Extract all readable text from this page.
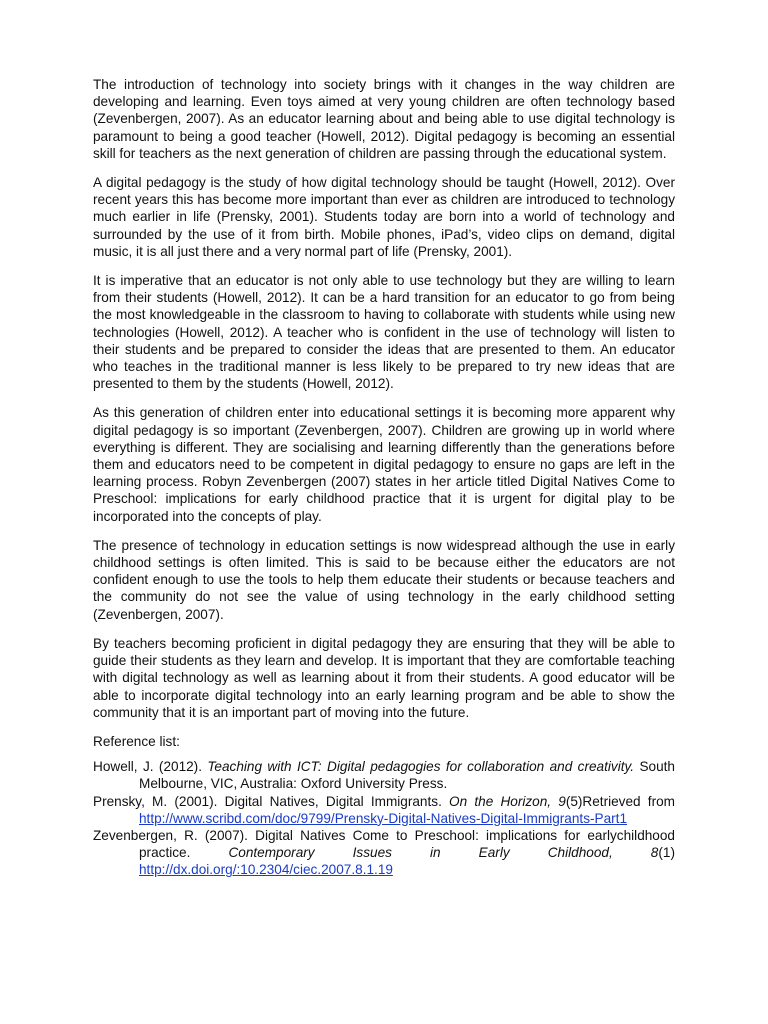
The introduction of technology into society brings with it changes in the way children are developing and learning. Even toys aimed at very young children are often technology based (Zevenbergen, 2007). As an educator learning about and being able to use digital technology is paramount to being a good teacher (Howell, 2012). Digital pedagogy is becoming an essential skill for teachers as the next generation of children are passing through the educational system.

A digital pedagogy is the study of how digital technology should be taught (Howell, 2012). Over recent years this has become more important than ever as children are introduced to technology much earlier in life (Prensky, 2001). Students today are born into a world of technology and surrounded by the use of it from birth. Mobile phones, iPad’s, video clips on demand, digital music, it is all just there and a very normal part of life (Prensky, 2001).

It is imperative that an educator is not only able to use technology but they are willing to learn from their students (Howell, 2012). It can be a hard transition for an educator to go from being the most knowledgeable in the classroom to having to collaborate with students while using new technologies (Howell, 2012). A teacher who is confident in the use of technology will listen to their students and be prepared to consider the ideas that are presented to them. An educator who teaches in the traditional manner is less likely to be prepared to try new ideas that are presented to them by the students (Howell, 2012).

As this generation of children enter into educational settings it is becoming more apparent why digital pedagogy is so important (Zevenbergen, 2007). Children are growing up in world where everything is different. They are socialising and learning differently than the generations before them and educators need to be competent in digital pedagogy to ensure no gaps are left in the learning process. Robyn Zevenbergen (2007) states in her article titled Digital Natives Come to Preschool: implications for early childhood practice that it is urgent for digital play to be incorporated into the concepts of play.

The presence of technology in education settings is now widespread although the use in early childhood settings is often limited. This is said to be because either the educators are not confident enough to use the tools to help them educate their students or because teachers and the community do not see the value of using technology in the early childhood setting (Zevenbergen, 2007).

By teachers becoming proficient in digital pedagogy they are ensuring that they will be able to guide their students as they learn and develop. It is important that they are comfortable teaching with digital technology as well as learning about it from their students. A good educator will be able to incorporate digital technology into an early learning program and be able to show the community that it is an important part of moving into the future.

Reference list:

Howell, J. (2012). Teaching with ICT: Digital pedagogies for collaboration and creativity. South Melbourne, VIC, Australia: Oxford University Press.

Prensky, M. (2001). Digital Natives, Digital Immigrants. On the Horizon, 9(5)Retrieved from http://www.scribd.com/doc/9799/Prensky-Digital-Natives-Digital-Immigrants-Part1

Zevenbergen, R. (2007). Digital Natives Come to Preschool: implications for earlychildhood practice. Contemporary Issues in Early Childhood, 8(1) http://dx.doi.org/:10.2304/ciec.2007.8.1.19
